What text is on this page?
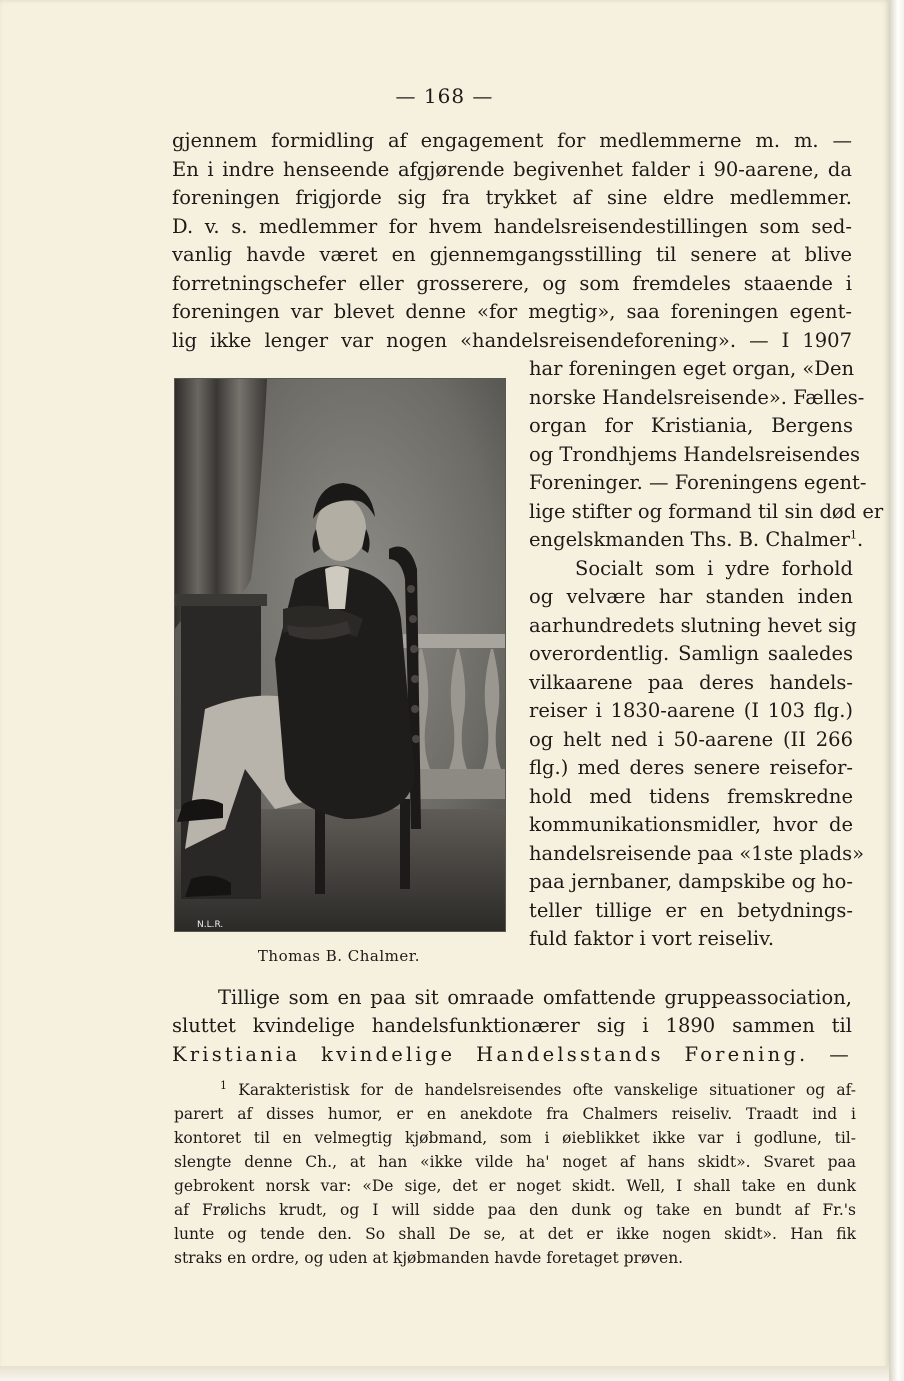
— 168 —
gjennem formidling af engagement for medlemmerne m. m. —
En i indre henseende afgjørende begivenhet falder i 90-aarene, da
foreningen frigjorde sig fra trykket af sine eldre medlemmer.
D. v. s. medlemmer for hvem handelsreisendestillingen som sed-
vanlig havde været en gjennemgangsstilling til senere at blive
forretningschefer eller grosserere, og som fremdeles staaende i
foreningen var blevet denne «for megtig», saa foreningen egent-
lig ikke lenger var nogen «handelsreisendeforening». — I 1907
har foreningen eget organ, «Den
norske Handelsreisende». Fælles-
organ for Kristiania, Bergens
og Trondhjems Handelsreisendes
Foreninger. — Foreningens egent-
lige stifter og formand til sin død er
engelskmanden Ths. B. Chalmer$^1$.
Socialt som i ydre forhold
og velvære har standen inden
aarhundredets slutning hevet sig
overordentlig. Samlign saaledes
vilkaarene paa deres handels-
reiser i 1830-aarene (I 103 flg.)
og helt ned i 50-aarene (II 266
flg.) med deres senere reisefor-
hold med tidens fremskredne
kommunikationsmidler, hvor de
handelsreisende paa «1ste plads»
paa jernbaner, dampskibe og ho-
teller tillige er en betydnings-
fuld faktor i vort reiseliv.
N.L.R.
Thomas B. Chalmer.
Tillige som en paa sit omraade omfattende gruppeassociation,
sluttet kvindelige handelsfunktionærer sig i 1890 sammen til
Kristiania kvindelige Handelsstands Forening. —
$^1$ Karakteristisk for de handelsreisendes ofte vanskelige situationer og af-
parert af disses humor, er en anekdote fra Chalmers reiseliv. Traadt ind i
kontoret til en velmegtig kjøbmand, som i øieblikket ikke var i godlune, til-
slengte denne Ch., at han «ikke vilde ha' noget af hans skidt». Svaret paa
gebrokent norsk var: «De sige, det er noget skidt. Well, I shall take en dunk
af Frølichs krudt, og I will sidde paa den dunk og take en bundt af Fr.'s
lunte og tende den. So shall De se, at det er ikke nogen skidt». Han fik
straks en ordre, og uden at kjøbmanden havde foretaget prøven.
